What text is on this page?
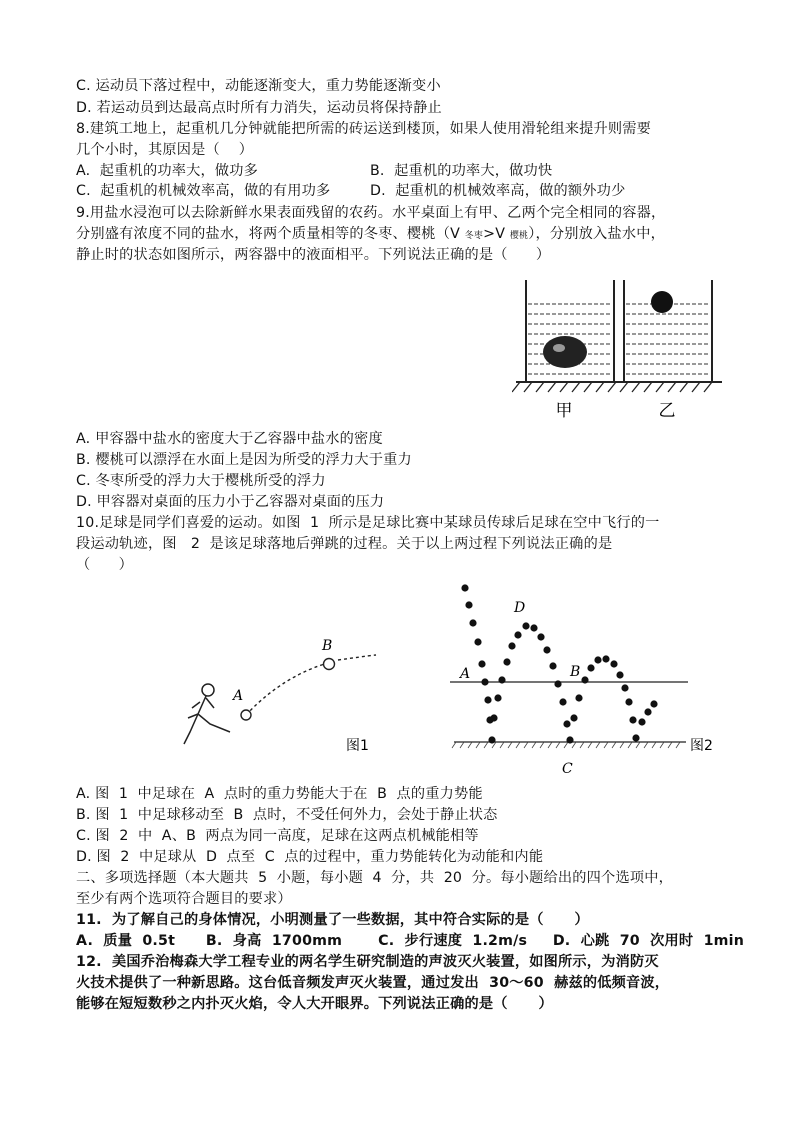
C. 运动员下落过程中，动能逐渐变大，重力势能逐渐变小
D. 若运动员到达最高点时所有力消失，运动员将保持静止
8.建筑工地上，起重机几分钟就能把所需的砖运送到楼顶，如果人使用滑轮组来提升则需要
几个小时，其原因是（    ）
A.  起重机的功率大，做功多	B.  起重机的功率大，做功快
C.  起重机的机械效率高，做的有用功多	D.  起重机的机械效率高，做的额外功少
9.用盐水浸泡可以去除新鲜水果表面残留的农药。水平桌面上有甲、乙两个完全相同的容器，
分别盛有浓度不同的盐水，将两个质量相等的冬枣、樱桃（V 冬枣>V 樱桃），分别放入盐水中，
静止时的状态如图所示，两容器中的液面相平。下列说法正确的是（      ）
甲	乙
A. 甲容器中盐水的密度大于乙容器中盐水的密度
B. 樱桃可以漂浮在水面上是因为所受的浮力大于重力
C. 冬枣所受的浮力大于樱桃所受的浮力
D. 甲容器对桌面的压力小于乙容器对桌面的压力
10.足球是同学们喜爱的运动。如图  1  所示是足球比赛中某球员传球后足球在空中飞行的一
段运动轨迹，图   2  是该足球落地后弹跳的过程。关于以上两过程下列说法正确的是
（      ）
A
B
图1
D
A	B
C
图2
A. 图  1  中足球在  A  点时的重力势能大于在  B  点的重力势能
B. 图  1  中足球移动至  B  点时，不受任何外力，会处于静止状态
C. 图  2  中  A、B  两点为同一高度，足球在这两点机械能相等
D. 图  2  中足球从  D  点至  C  点的过程中，重力势能转化为动能和内能
二、多项选择题（本大题共  5  小题，每小题  4  分，共  20  分。每小题给出的四个选项中，
至少有两个选项符合题目的要求）
11.  为了解自己的身体情况，小明测量了一些数据，其中符合实际的是（      ）
A.  质量  0.5t      B.  身高  1700mm       C.  步行速度  1.2m/s     D.  心跳  70  次用时  1min
12.  美国乔治梅森大学工程专业的两名学生研究制造的声波灭火装置，如图所示，为消防灭
火技术提供了一种新思路。这台低音频发声灭火装置，通过发出  30～60  赫兹的低频音波，
能够在短短数秒之内扑灭火焰，令人大开眼界。下列说法正确的是（      ）
